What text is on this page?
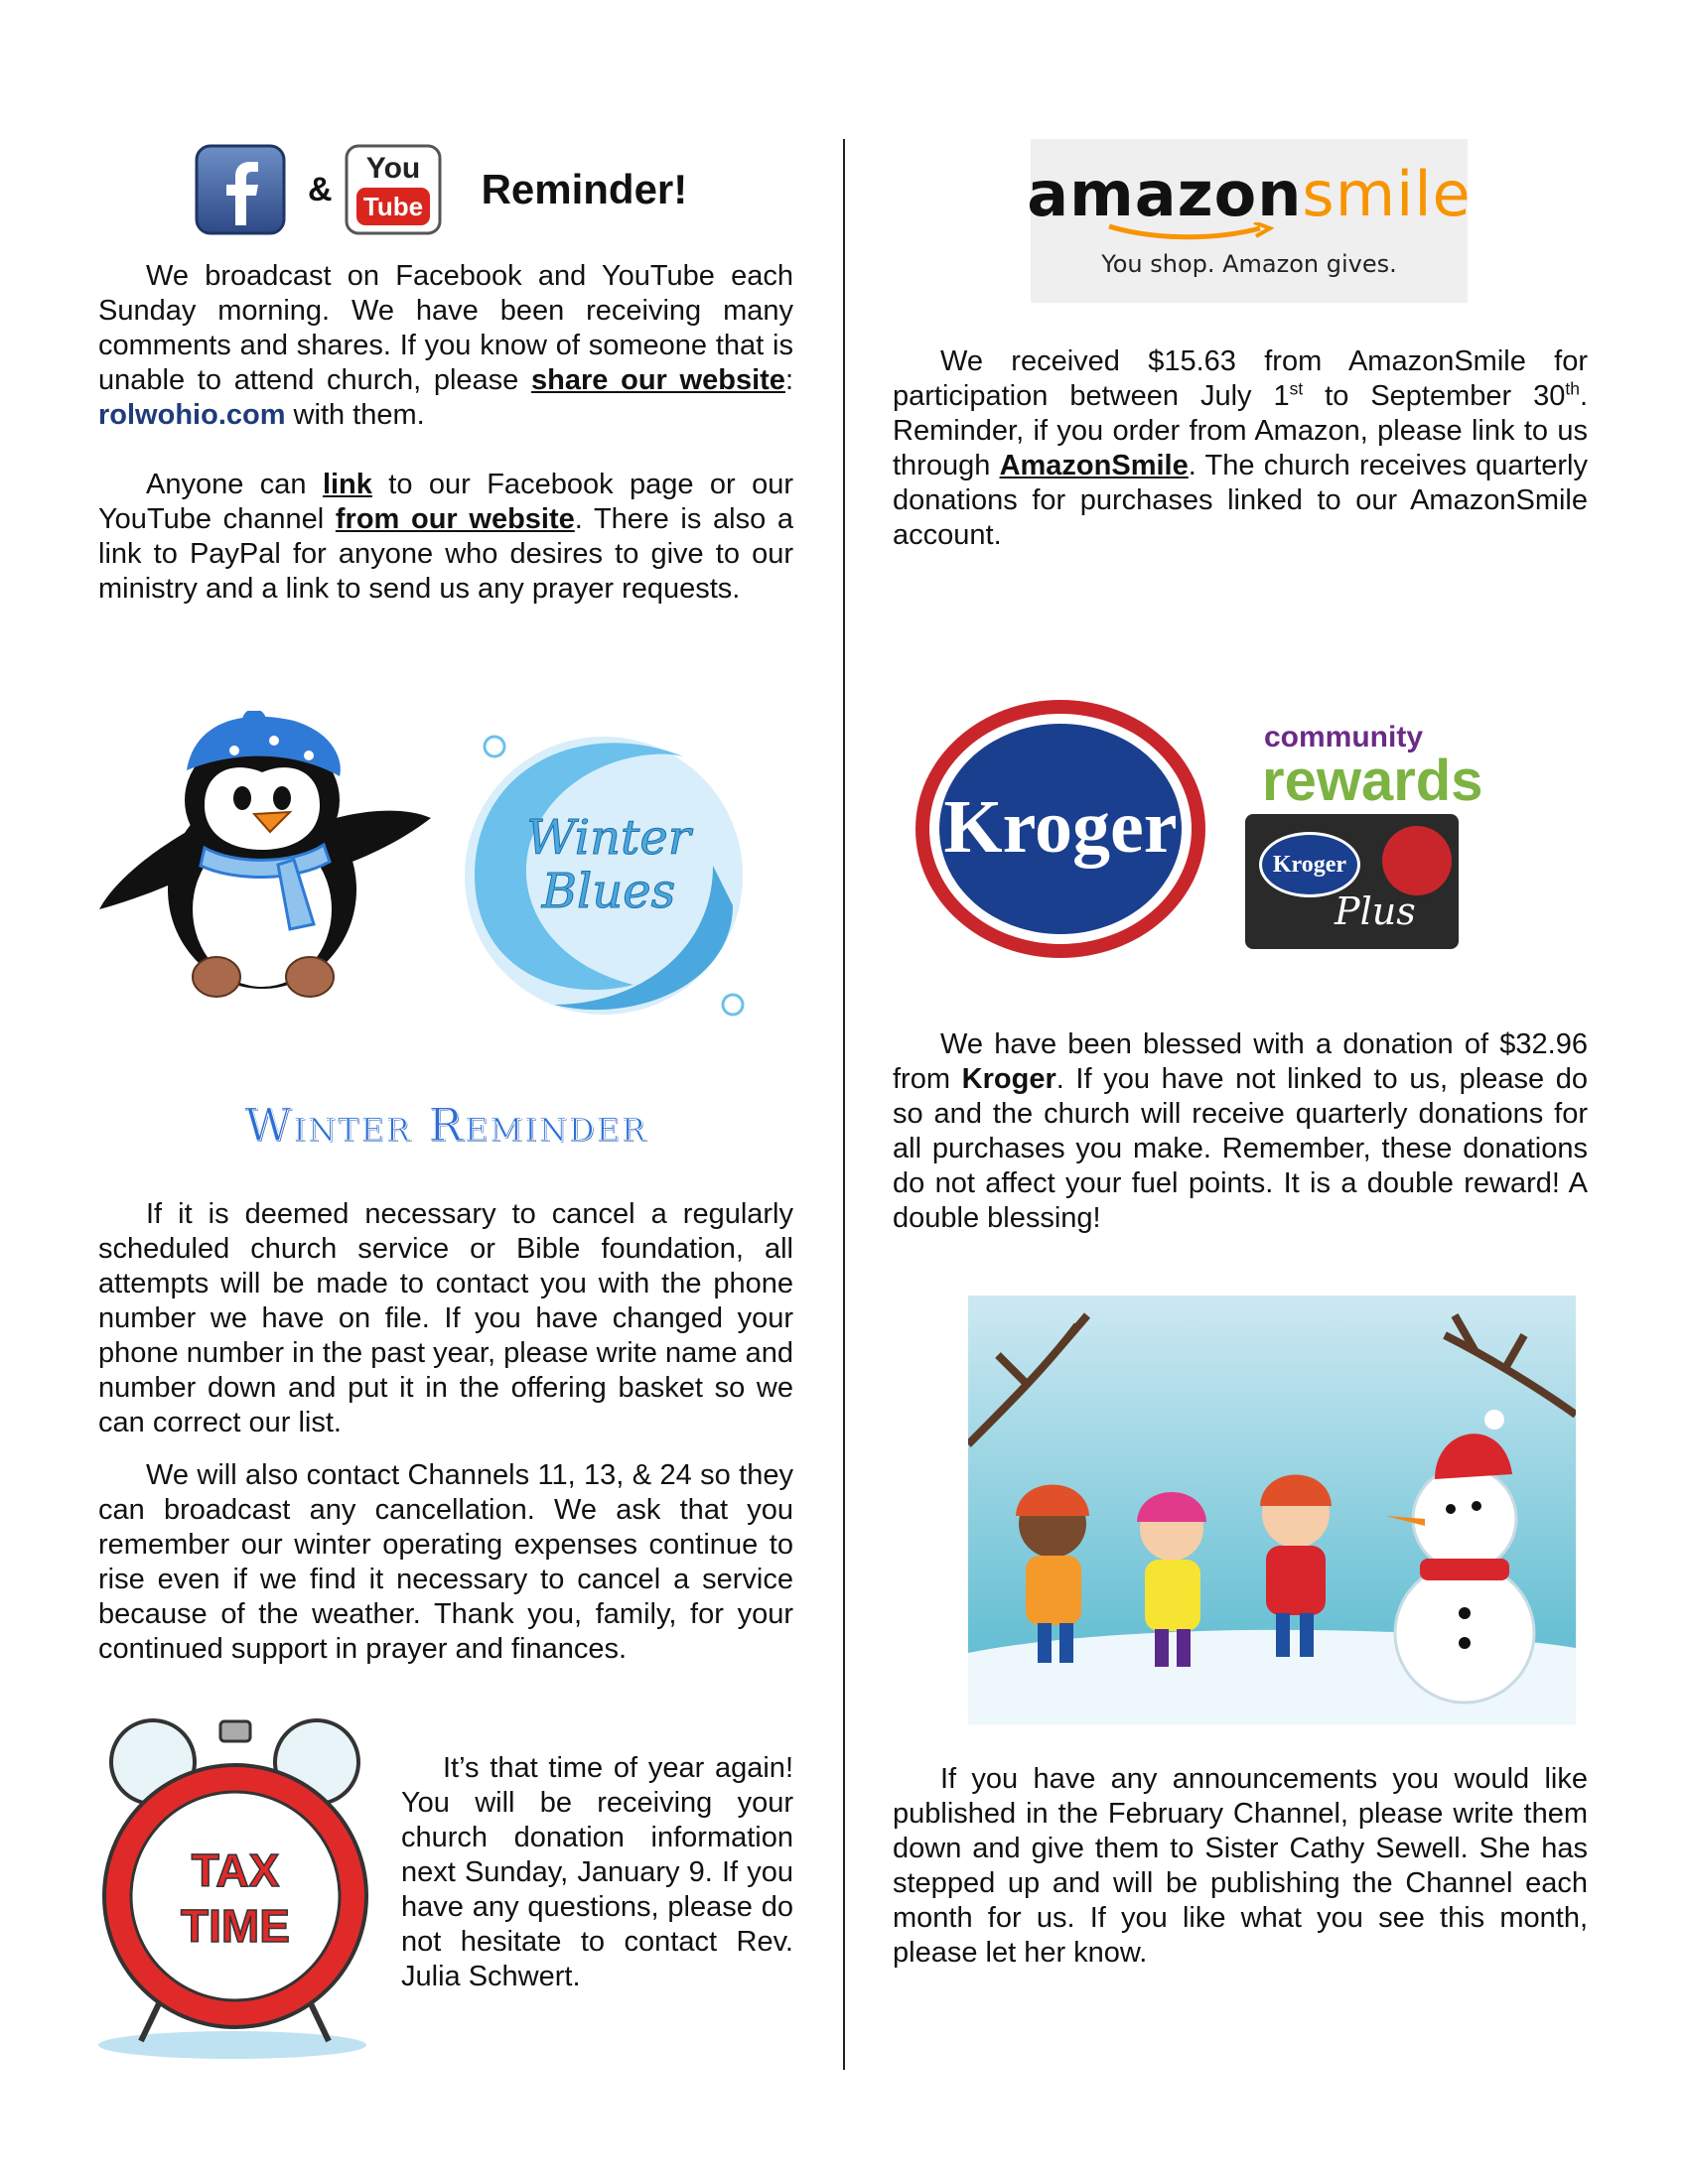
&
You
Tube Reminder!

We broadcast on Facebook and YouTube each Sunday morning. We have been receiving many comments and shares. If you know of someone that is unable to attend church, please share our website: rolwohio.com with them.

Anyone can link to our Facebook page or our YouTube channel from our website. There is also a link to PayPal for anyone who desires to give to our ministry and a link to send us any prayer requests.

Winter Blues
Winter Reminder

If it is deemed necessary to cancel a regularly scheduled church service or Bible foundation, all attempts will be made to contact you with the phone number we have on file. If you have changed your phone number in the past year, please write name and number down and put it in the offering basket so we can correct our list.

We will also contact Channels 11, 13, & 24 so they can broadcast any cancellation. We ask that you remember our winter operating expenses continue to rise even if we find it necessary to cancel a service because of the weather. Thank you, family, for your continued support in prayer and finances.

TAX
TIME

It’s that time of year again! You will be receiving your church donation information next Sunday, January 9. If you have any questions, please do not hesitate to contact Rev. Julia Schwert.

amazonsmile
You shop. Amazon gives.

We received $15.63 from AmazonSmile for participation between July 1st to September 30th. Reminder, if you order from Amazon, please link to us through AmazonSmile. The church receives quarterly donations for purchases linked to our AmazonSmile account.

Kroger
community
rewards
Kroger
Plus

We have been blessed with a donation of $32.96 from Kroger. If you have not linked to us, please do so and the church will receive quarterly donations for all purchases you make. Remember, these donations do not affect your fuel points. It is a double reward! A double blessing!

If you have any announcements you would like published in the February Channel, please write them down and give them to Sister Cathy Sewell. She has stepped up and will be publishing the Channel each month for us. If you like what you see this month, please let her know.
